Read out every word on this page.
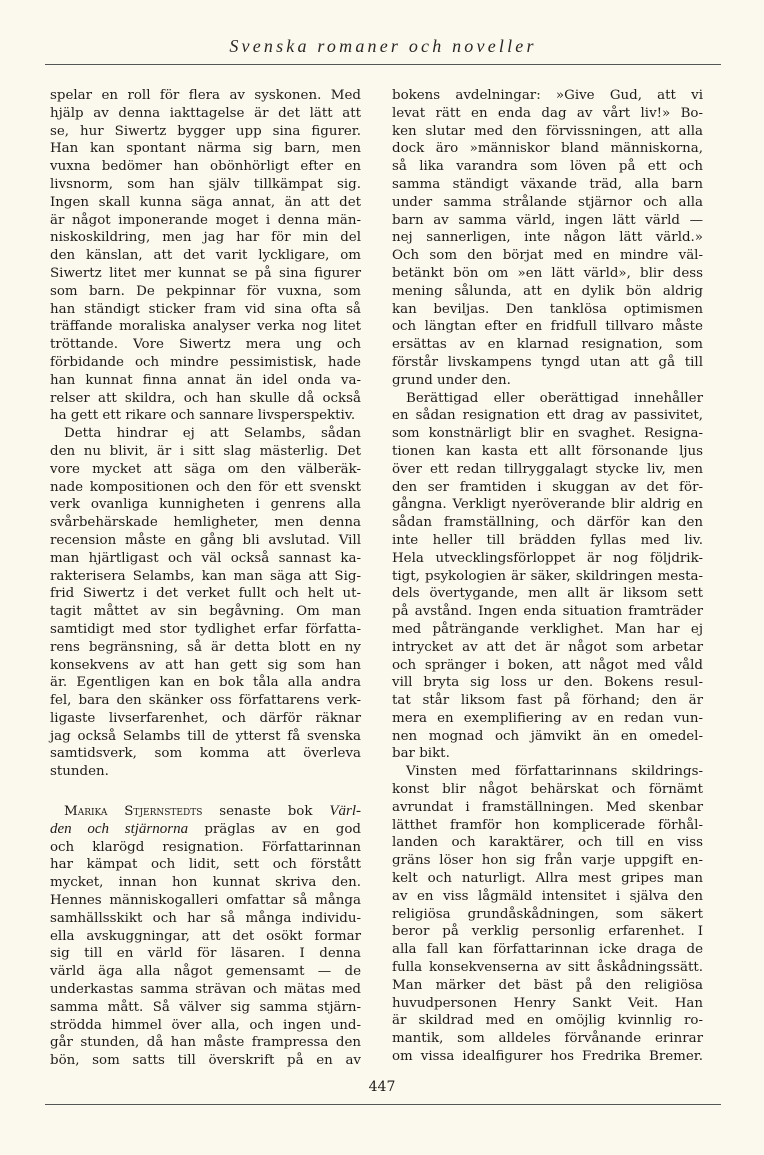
Svenska romaner och noveller
spelar en roll för flera av syskonen. Med
hjälp av denna iakttagelse är det lätt att
se, hur Siwertz bygger upp sina figurer.
Han kan spontant närma sig barn, men
vuxna bedömer han obönhörligt efter en
livsnorm, som han själv tillkämpat sig.
Ingen skall kunna säga annat, än att det
är något imponerande moget i denna män-
niskoskildring, men jag har för min del
den känslan, att det varit lyckligare, om
Siwertz litet mer kunnat se på sina figurer
som barn. De pekpinnar för vuxna, som
han ständigt sticker fram vid sina ofta så
träffande moraliska analyser verka nog litet
tröttande. Vore Siwertz mera ung och
förbidande och mindre pessimistisk, hade
han kunnat finna annat än idel onda va-
relser att skildra, och han skulle då också
ha gett ett rikare och sannare livsperspektiv.
Detta hindrar ej att Selambs, sådan
den nu blivit, är i sitt slag mästerlig. Det
vore mycket att säga om den välberäk-
nade kompositionen och den för ett svenskt
verk ovanliga kunnigheten i genrens alla
svårbehärskade hemligheter, men denna
recension måste en gång bli avslutad. Vill
man hjärtligast och väl också sannast ka-
rakterisera Selambs, kan man säga att Sig-
frid Siwertz i det verket fullt och helt ut-
tagit måttet av sin begåvning. Om man
samtidigt med stor tydlighet erfar författa-
rens begränsning, så är detta blott en ny
konsekvens av att han gett sig som han
är. Egentligen kan en bok tåla alla andra
fel, bara den skänker oss författarens verk-
ligaste livserfarenhet, och därför räknar
jag också Selambs till de ytterst få svenska
samtidsverk, som komma att överleva
stunden.
Marika Stjernstedts senaste bok Värl-
den och stjärnorna präglas av en god
och klarögd resignation. Författarinnan
har kämpat och lidit, sett och förstått
mycket, innan hon kunnat skriva den.
Hennes människogalleri omfattar så många
samhällsskikt och har så många individu-
ella avskuggningar, att det osökt formar
sig till en värld för läsaren. I denna
värld äga alla något gemensamt — de
underkastas samma strävan och mätas med
samma mått. Så välver sig samma stjärn-
strödda himmel över alla, och ingen und-
går stunden, då han måste frampressa den
bön, som satts till överskrift på en av
bokens avdelningar: »Give Gud, att vi
levat rätt en enda dag av vårt liv!» Bo-
ken slutar med den förvissningen, att alla
dock äro »människor bland människorna,
så lika varandra som löven på ett och
samma ständigt växande träd, alla barn
under samma strålande stjärnor och alla
barn av samma värld, ingen lätt värld —
nej sannerligen, inte någon lätt värld.»
Och som den börjat med en mindre väl-
betänkt bön om »en lätt värld», blir dess
mening sålunda, att en dylik bön aldrig
kan beviljas. Den tanklösa optimismen
och längtan efter en fridfull tillvaro måste
ersättas av en klarnad resignation, som
förstår livskampens tyngd utan att gå till
grund under den.
Berättigad eller oberättigad innehåller
en sådan resignation ett drag av passivitet,
som konstnärligt blir en svaghet. Resigna-
tionen kan kasta ett allt försonande ljus
över ett redan tillryggalagt stycke liv, men
den ser framtiden i skuggan av det för-
gångna. Verkligt nyeröverande blir aldrig en
sådan framställning, och därför kan den
inte heller till brädden fyllas med liv.
Hela utvecklingsförloppet är nog följdrik-
tigt, psykologien är säker, skildringen mesta-
dels övertygande, men allt är liksom sett
på avstånd. Ingen enda situation framträder
med påträngande verklighet. Man har ej
intrycket av att det är något som arbetar
och spränger i boken, att något med våld
vill bryta sig loss ur den. Bokens resul-
tat står liksom fast på förhand; den är
mera en exemplifiering av en redan vun-
nen mognad och jämvikt än en omedel-
bar bikt.
Vinsten med författarinnans skildrings-
konst blir något behärskat och förnämt
avrundat i framställningen. Med skenbar
lätthet framför hon komplicerade förhål-
landen och karaktärer, och till en viss
gräns löser hon sig från varje uppgift en-
kelt och naturligt. Allra mest gripes man
av en viss lågmäld intensitet i själva den
religiösa grundåskådningen, som säkert
beror på verklig personlig erfarenhet. I
alla fall kan författarinnan icke draga de
fulla konsekvenserna av sitt åskådningssätt.
Man märker det bäst på den religiösa
huvudpersonen Henry Sankt Veit. Han
är skildrad med en omöjlig kvinnlig ro-
mantik, som alldeles förvånande erinrar
om vissa idealfigurer hos Fredrika Bremer.
447
